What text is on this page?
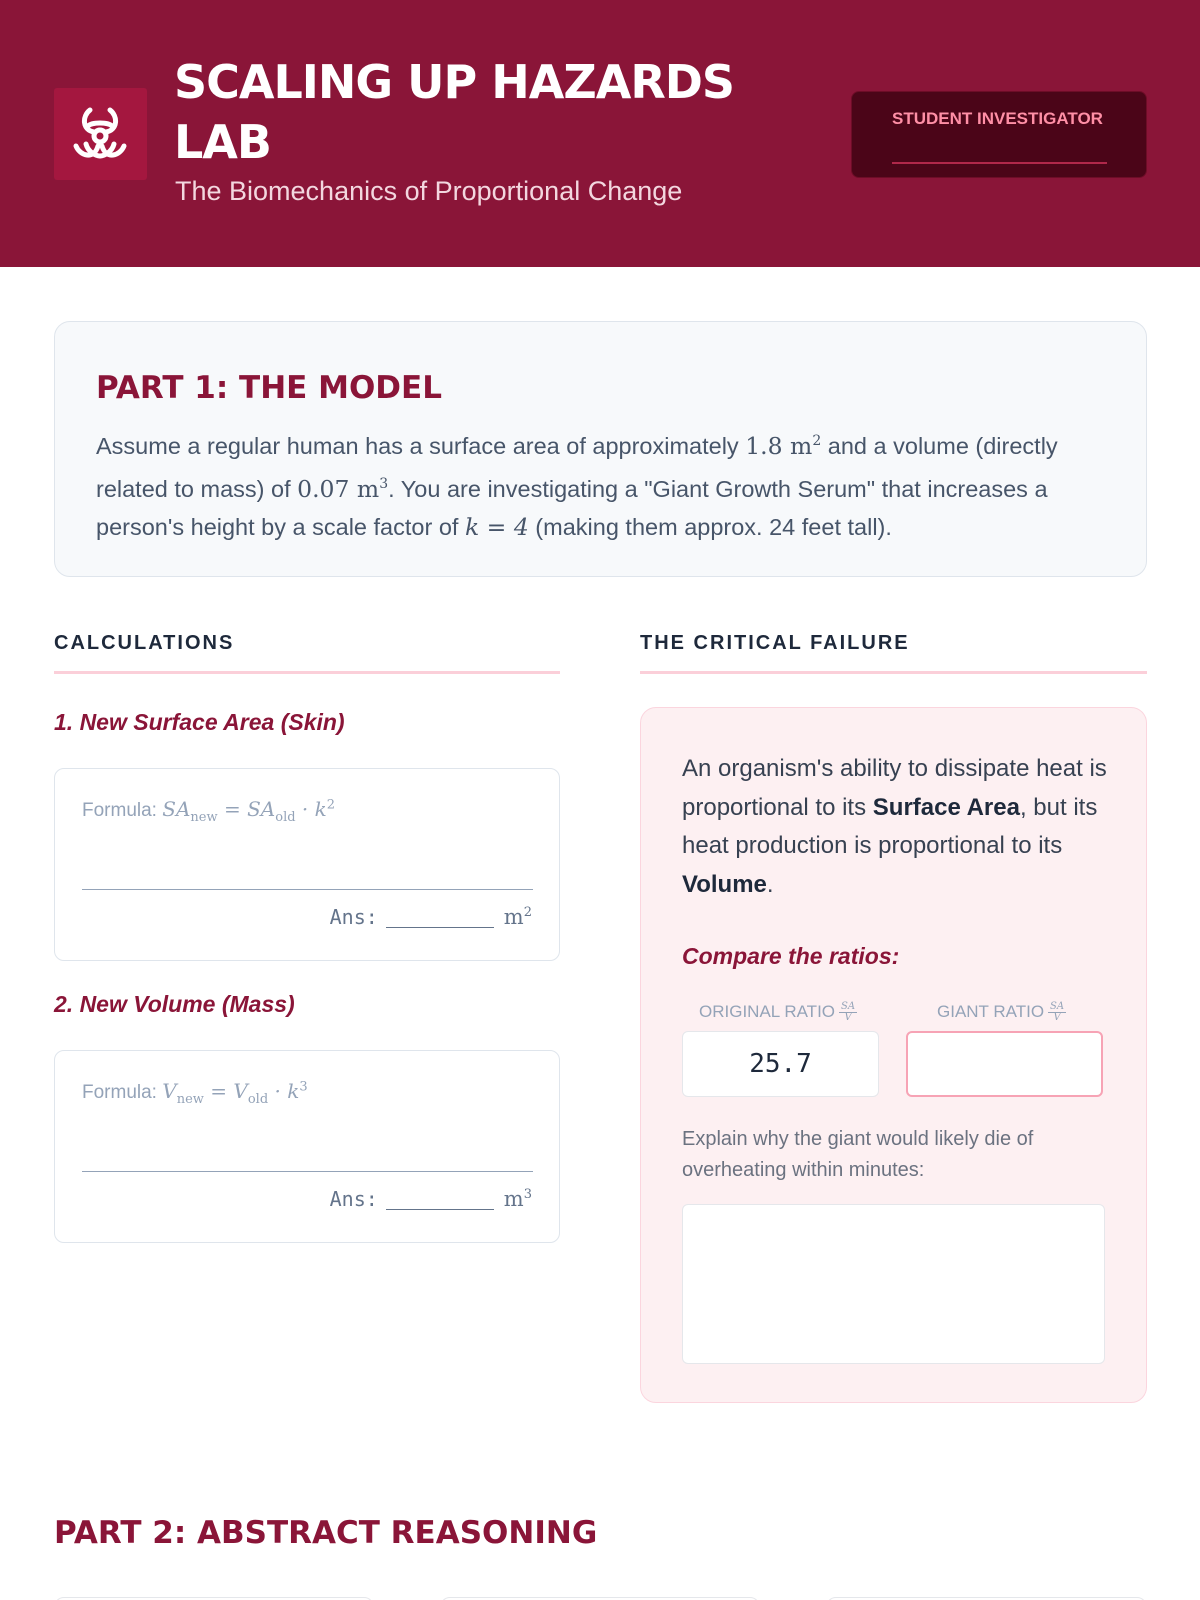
SCALING UP HAZARDS LAB
The Biomechanics of Proportional Change
STUDENT INVESTIGATOR
PART 1: THE MODEL
Assume a regular human has a surface area of approximately 1.8 $m^2$ and a volume (directly related to mass) of 0.07 $m^3$. You are investigating a "Giant Growth Serum" that increases a person's height by a scale factor of k = 4 (making them approx. 24 feet tall).
CALCULATIONS
1. New Surface Area (Skin)
Formula: $SA_{new} = SA_{old} \cdot k^2$
Ans:	$m^2$
2. New Volume (Mass)
Formula: $V_{new} = V_{old} \cdot k^3$
Ans:	$m^3$
THE CRITICAL FAILURE
An organism's ability to dissipate heat is proportional to its Surface Area, but its heat production is proportional to its Volume.
Compare the ratios:
ORIGINAL RATIO $\frac{SA}{V}$	GIANT RATIO $\frac{SA}{V}$
25.7
Explain why the giant would likely die of overheating within minutes:
PART 2: ABSTRACT REASONING
